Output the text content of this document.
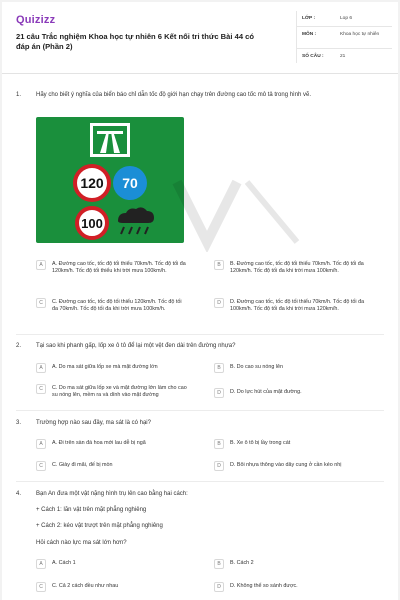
Quizizz
21 câu Trắc nghiệm Khoa học tự nhiên 6 Kết nối tri thức Bài 44 có đáp án (Phần 2)
LỚP :	Lop 6
MÔN :	Khoa học tự nhiên
SỐ CÂU :	21
1. Hãy cho biết ý nghĩa của biển báo chỉ dẫn tốc độ giới hạn chạy trên đường cao tốc mô tả trong hình vẽ.
120 70
100
A	A. Đường cao tốc, tốc độ tối thiểu 70km/h. Tốc độ tối đa 120km/h. Tốc độ tối thiểu khi trời mưa 100km/h.
B	B. Đường cao tốc, tốc độ tối thiểu 70km/h. Tốc độ tối đa 120km/h. Tốc độ tối đa khi trời mưa 100km/h.
C	C. Đường cao tốc, tốc độ tối thiểu 120km/h. Tốc độ tối đa 70km/h. Tốc độ tối đa khi trời mưa 100km/h.
D	D. Đường cao tốc, tốc độ tối thiểu 70km/h. Tốc độ tối đa 100km/h. Tốc độ tối đa khi trời mưa 120km/h.
2. Tại sao khi phanh gấp, lốp xe ô tô để lại một vệt đen dài trên đường nhựa?
A	A. Do ma sát giữa lốp xe mà mặt đường lớn	B	B. Do cao su nóng lên
C	C. Do ma sát giữa lốp xe và mặt đường lớn làm cho cao su nóng lên, mềm ra và dính vào mặt đường	D	D. Do lực hút của mặt đường.
3. Trường hợp nào sau đây, ma sát là có hại?
A	A. Đi trên sàn đá hoa mới lau dễ bị ngã	B	B. Xe ô tô bị lầy trong cát
C	C. Giày đi mãi, đế bị mòn	D	D. Bôi nhựa thông vào dây cung ở cần kéo nhị
4. Bạn An đưa một vật nặng hình trụ lên cao bằng hai cách:
+ Cách 1: lăn vật trên mặt phẳng nghiêng
+ Cách 2: kéo vật trượt trên mặt phẳng nghiêng
Hỏi cách nào lực ma sát lớn hơn?
A	A. Cách 1	B	B. Cách 2
C	C. Cả 2 cách đều như nhau	D	D. Không thể so sánh được.
